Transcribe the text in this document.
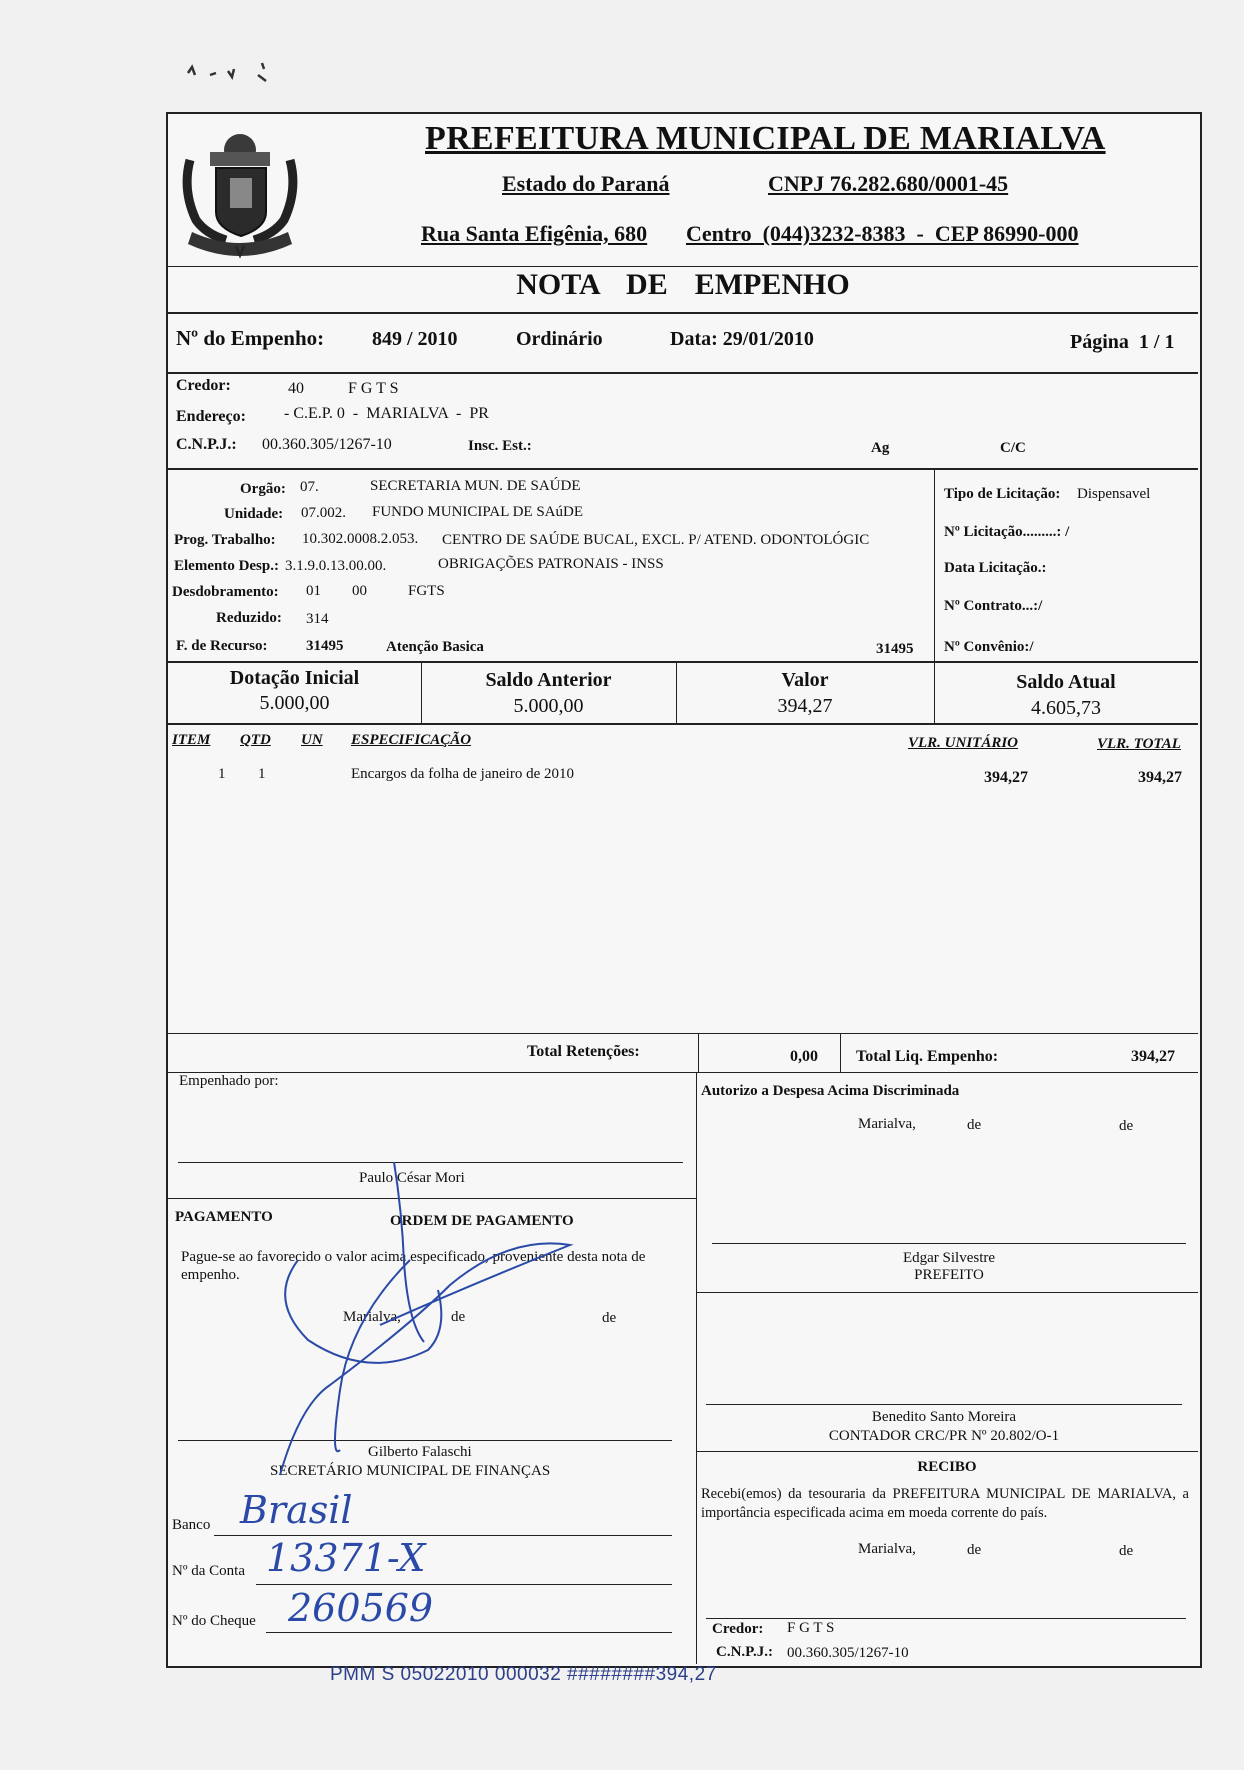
PREFEITURA MUNICIPAL DE MARIALVA
Estado do Paraná	CNPJ 76.282.680/0001-45
Rua Santa Efigênia, 680 Centro  (044)3232-8383  -  CEP 86990-000
NOTA  DE  EMPENHO
Nº do Empenho: 849 / 2010	Ordinário	Data: 29/01/2010	Página  1 / 1
Credor:	40	F G T S
Endereço: - C.E.P. 0  -  MARIALVA  -  PR
C.N.P.J.: 00.360.305/1267-10	Insc. Est.:	Ag	C/C
Orgão: 07.	SECRETARIA MUN. DE SAÚDE
Unidade: 07.002. FUNDO MUNICIPAL DE SAúDE
Prog. Trabalho: 10.302.0008.2.053. CENTRO DE SAÚDE BUCAL, EXCL. P/ ATEND. ODONTOLÓGIC
Elemento Desp.: 3.1.9.0.13.00.00.	OBRIGAÇÕES PATRONAIS - INSS
Desdobramento: 01 00	FGTS
Reduzido: 314
F. de Recurso:	31495	Atenção Basica	31495
Tipo de Licitação: Dispensavel
Nº Licitação.........: /
Data Licitação.:
Nº Contrato...:/
Nº Convênio:/
Dotação Inicial
5.000,00
Saldo Anterior
5.000,00
Valor
394,27
Saldo Atual
4.605,73
ITEM QTD UN ESPECIFICAÇÃO	VLR. UNITÁRIO	VLR. TOTAL
1 1	Encargos da folha de janeiro de 2010	394,27	394,27
Total Retenções:	0,00 Total Liq. Empenho:	394,27
Empenhado por:
Paulo César Mori
Autorizo a Despesa Acima Discriminada
Marialva,	de	de
Edgar Silvestre
PREFEITO
Benedito Santo Moreira
CONTADOR CRC/PR Nº 20.802/O-1
RECIBO
Recebi(emos) da tesouraria da PREFEITURA MUNICIPAL DE MARIALVA, a importância especificada acima em moeda corrente do país.
Marialva,	de	de
Credor: F G T S
C.N.P.J.: 00.360.305/1267-10
PAGAMENTO	ORDEM DE PAGAMENTO
Pague-se ao favorecido o valor acima especificado, proveniente desta nota de empenho.
Marialva,	de	de
Gilberto Falaschi
SECRETÁRIO MUNICIPAL DE FINANÇAS
Banco Brasil
Nº da Conta 13371-X
Nº do Cheque 260569
PMM S 05022010 000032 ########394,27
